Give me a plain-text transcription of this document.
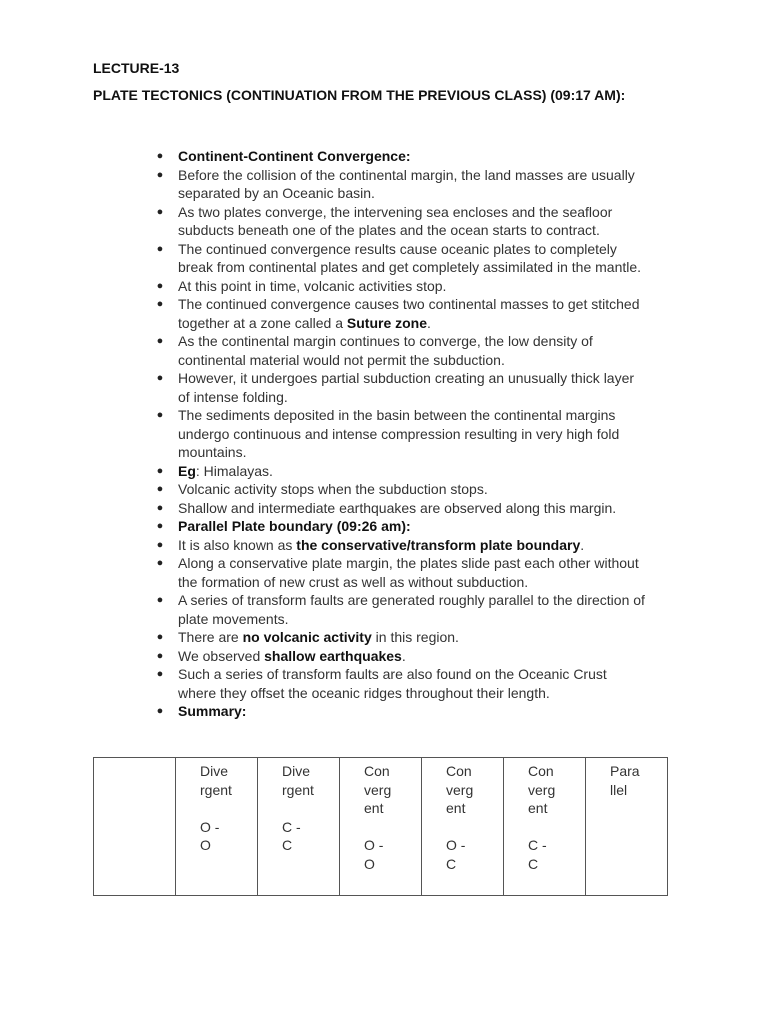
LECTURE-13
PLATE TECTONICS (CONTINUATION FROM THE PREVIOUS CLASS) (09:17 AM):
● Continent-Continent Convergence:
● Before the collision of the continental margin, the land masses are usually separated by an Oceanic basin.
● As two plates converge, the intervening sea encloses and the seafloor subducts beneath one of the plates and the ocean starts to contract.
● The continued convergence results cause oceanic plates to completely break from continental plates and get completely assimilated in the mantle.
● At this point in time, volcanic activities stop.
● The continued convergence causes two continental masses to get stitched together at a zone called a Suture zone.
● As the continental margin continues to converge, the low density of continental material would not permit the subduction.
● However, it undergoes partial subduction creating an unusually thick layer of intense folding.
● The sediments deposited in the basin between the continental margins undergo continuous and intense compression resulting in very high fold mountains.
● Eg: Himalayas.
● Volcanic activity stops when the subduction stops.
● Shallow and intermediate earthquakes are observed along this margin.
● Parallel Plate boundary (09:26 am):
● It is also known as the conservative/transform plate boundary.
● Along a conservative plate margin, the plates slide past each other without the formation of new crust as well as without subduction.
● A series of transform faults are generated roughly parallel to the direction of plate movements.
● There are no volcanic activity in this region.
● We observed shallow earthquakes.
● Such a series of transform faults are also found on the Oceanic Crust where they offset the oceanic ridges throughout their length.
● Summary:
	Dive
rgent

O -
O	Dive
rgent

C -
C	Con
verg
ent

O -
O	Con
verg
ent

O -
C	Con
verg
ent

C -
C	Para
llel
